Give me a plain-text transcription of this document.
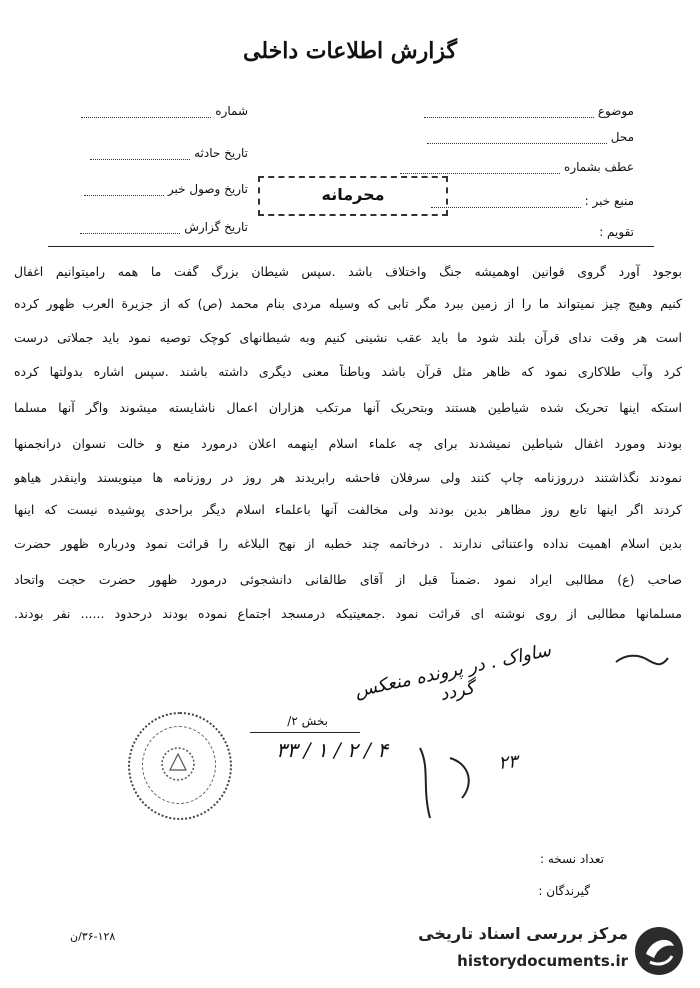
گزارش اطلاعات داخلی
موضوع
محل
عطف بشماره
منبع خبر :
تقویم :
شماره
تاریخ حادثه
تاریخ وصول خبر
تاریخ گزارش
محرمانه
بوجود آورد گروی قوانین اوهمیشه جنگ واختلاف باشد .سپس شیطان بزرگ گفت ما همه رامیتوانیم اغفال
کنیم وهیچ چیز نمیتواند ما را از زمین ببرد مگر تابی که وسیله مردی بنام محمد (ص) که از جزیرة العرب ظهور کرده
است هر وقت ندای قرآن بلند شود ما باید عقب نشینی کنیم وبه شیطانهای کوچک توصیه نمود باید جملاتی درست
کرد وآب طلاکاری نمود که ظاهر مثل قرآن باشد وباطناً معنی دیگری داشته باشند .سپس اشاره بدولتها کرده
استکه اینها تحریک شده شیاطین هستند وبتحریک آنها مرتکب هزاران اعمال ناشایسته میشوند واگر آنها مسلما
بودند ومورد اغفال شیاطین نمیشدند برای چه علماء اسلام اینهمه اعلان درمورد منع و خالت نسوان درانجمنها
نمودند نگذاشتند درروزنامه چاپ کنند ولی سرفلان فاحشه رابریدند هر روز در روزنامه ها مینویسند واینقدر هیاهو
کردند اگر اینها تابع روز مظاهر بدین بودند ولی مخالفت آنها باعلماء اسلام دیگر براحدی پوشیده نیست که اینها
بدین اسلام اهمیت نداده واعتنائی ندارند . درخاتمه چند خطبه از نهج البلاغه را قرائت نمود ودرباره ظهور حضرت
صاحب (ع) مطالبی ایراد نمود .ضمناً قبل از آقای طالقانی دانشجوئی درمورد ظهور حضرت حجت واتحاد
مسلمانها مطالبی از روی نوشته ای قرائت نمود .جمعیتیکه درمسجد اجتماع نموده بودند درحدود ...... نفر بودند.
ساواک . در پرونده منعکس گردد
بخش ۲/
۳۳ / ۱ / ۲ / ۴
۲۳
تعداد نسخه :
گیرندگان :
۳۶-۱۲۸/ن	مرکز بررسی اسناد تاریخی
historydocuments.ir
